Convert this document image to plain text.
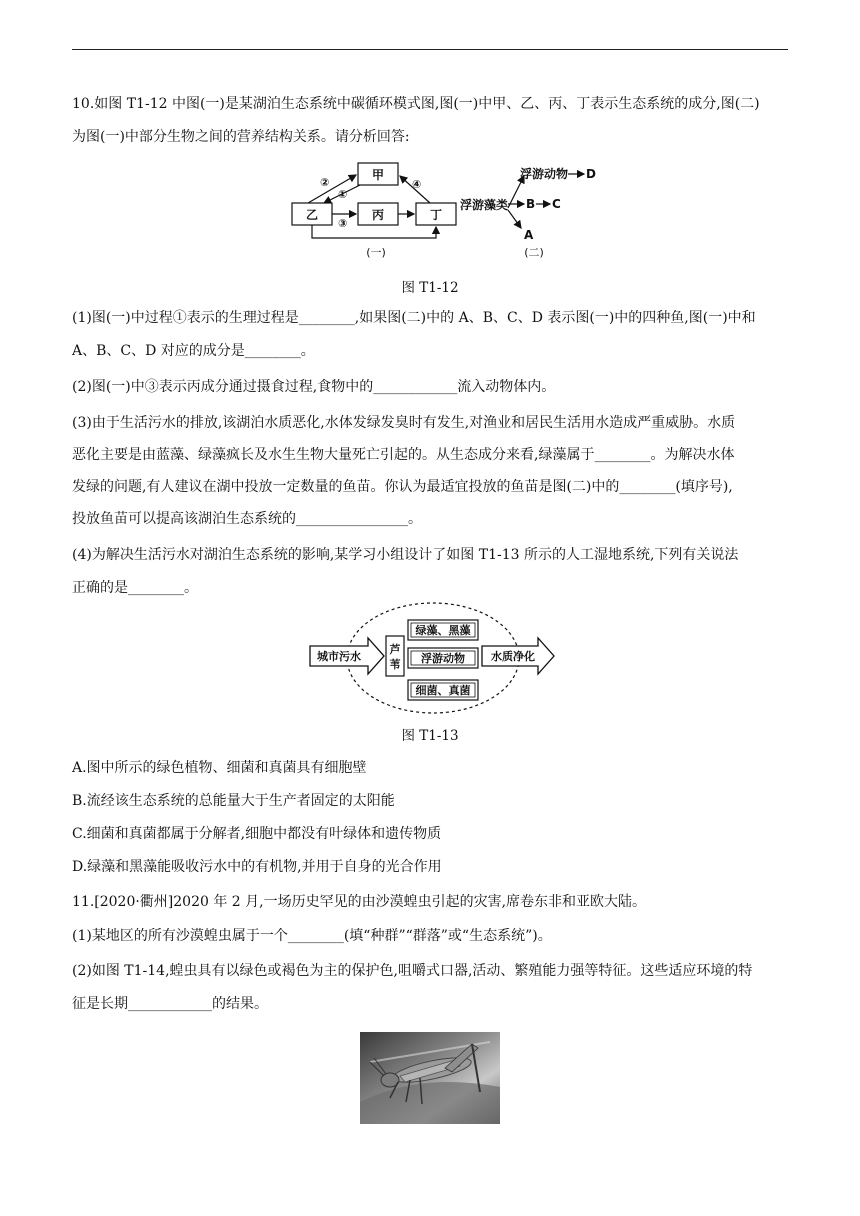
10.如图 T1-12 中图(一)是某湖泊生态系统中碳循环模式图,图(一)中甲、乙、丙、丁表示生态系统的成分,图(二)
为图(一)中部分生物之间的营养结构关系。请分析回答:
甲
乙	丙	丁
②
①
③
④
浮游藻类
浮游动物 D
B C
A
(一)	(二)
图 T1-12
(1)图(一)中过程①表示的生理过程是________,如果图(二)中的 A、B、C、D 表示图(一)中的四种鱼,图(一)中和
A、B、C、D 对应的成分是________。
(2)图(一)中③表示丙成分通过摄食过程,食物中的____________流入动物体内。
(3)由于生活污水的排放,该湖泊水质恶化,水体发绿发臭时有发生,对渔业和居民生活用水造成严重威胁。水质
恶化主要是由蓝藻、绿藻疯长及水生生物大量死亡引起的。从生态成分来看,绿藻属于________。为解决水体
发绿的问题,有人建议在湖中投放一定数量的鱼苗。你认为最适宜投放的鱼苗是图(二)中的________(填序号),
投放鱼苗可以提高该湖泊生态系统的________________。
(4)为解决生活污水对湖泊生态系统的影响,某学习小组设计了如图 T1-13 所示的人工湿地系统,下列有关说法
正确的是________。
城市污水
芦
苇
绿藻、黑藻
浮游动物
细菌、真菌
水质净化
图 T1-13
A.图中所示的绿色植物、细菌和真菌具有细胞壁
B.流经该生态系统的总能量大于生产者固定的太阳能
C.细菌和真菌都属于分解者,细胞中都没有叶绿体和遗传物质
D.绿藻和黑藻能吸收污水中的有机物,并用于自身的光合作用
11.[2020·衢州]2020 年 2 月,一场历史罕见的由沙漠蝗虫引起的灾害,席卷东非和亚欧大陆。
(1)某地区的所有沙漠蝗虫属于一个________(填“种群”“群落”或“生态系统”)。
(2)如图 T1-14,蝗虫具有以绿色或褐色为主的保护色,咀嚼式口器,活动、繁殖能力强等特征。这些适应环境的特
征是长期____________的结果。
